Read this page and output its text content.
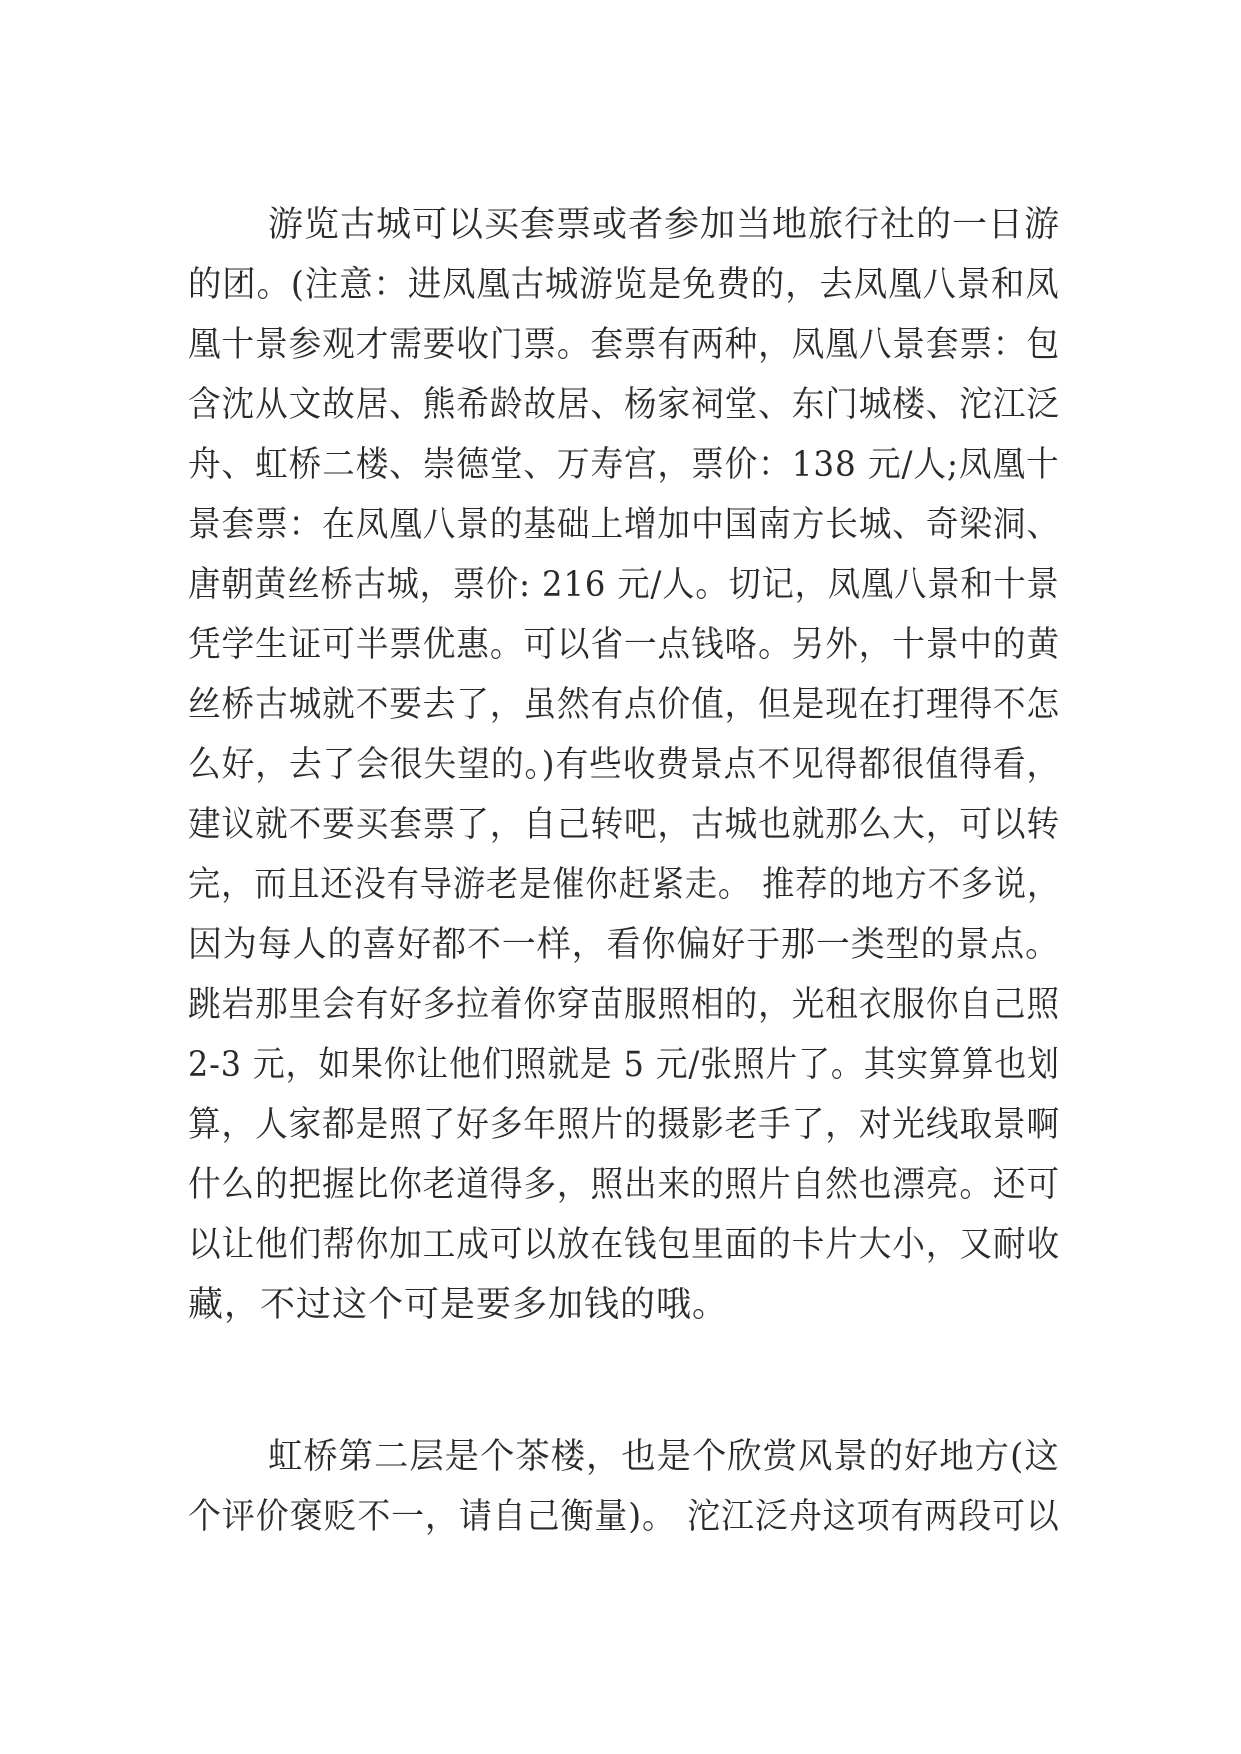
游览古城可以买套票或者参加当地旅行社的一日游
的团。(注意：进凤凰古城游览是免费的，去凤凰八景和凤
凰十景参观才需要收门票。套票有两种，凤凰八景套票：包
含沈从文故居、熊希龄故居、杨家祠堂、东门城楼、沱江泛
舟、虹桥二楼、崇德堂、万寿宫，票价：138 元/人;凤凰十
景套票：在凤凰八景的基础上增加中国南方长城、奇梁洞、
唐朝黄丝桥古城，票价: 216 元/人。切记，凤凰八景和十景
凭学生证可半票优惠。可以省一点钱咯。另外，十景中的黄
丝桥古城就不要去了，虽然有点价值，但是现在打理得不怎
么好，去了会很失望的。)有些收费景点不见得都很值得看，
建议就不要买套票了，自己转吧，古城也就那么大，可以转
完，而且还没有导游老是催你赶紧走。 推荐的地方不多说，
因为每人的喜好都不一样，看你偏好于那一类型的景点。
跳岩那里会有好多拉着你穿苗服照相的，光租衣服你自己照
2-3 元，如果你让他们照就是 5 元/张照片了。其实算算也划
算，人家都是照了好多年照片的摄影老手了，对光线取景啊
什么的把握比你老道得多，照出来的照片自然也漂亮。还可
以让他们帮你加工成可以放在钱包里面的卡片大小，又耐收
藏，不过这个可是要多加钱的哦。
虹桥第二层是个茶楼，也是个欣赏风景的好地方(这
个评价褒贬不一，请自己衡量)。 沱江泛舟这项有两段可以
